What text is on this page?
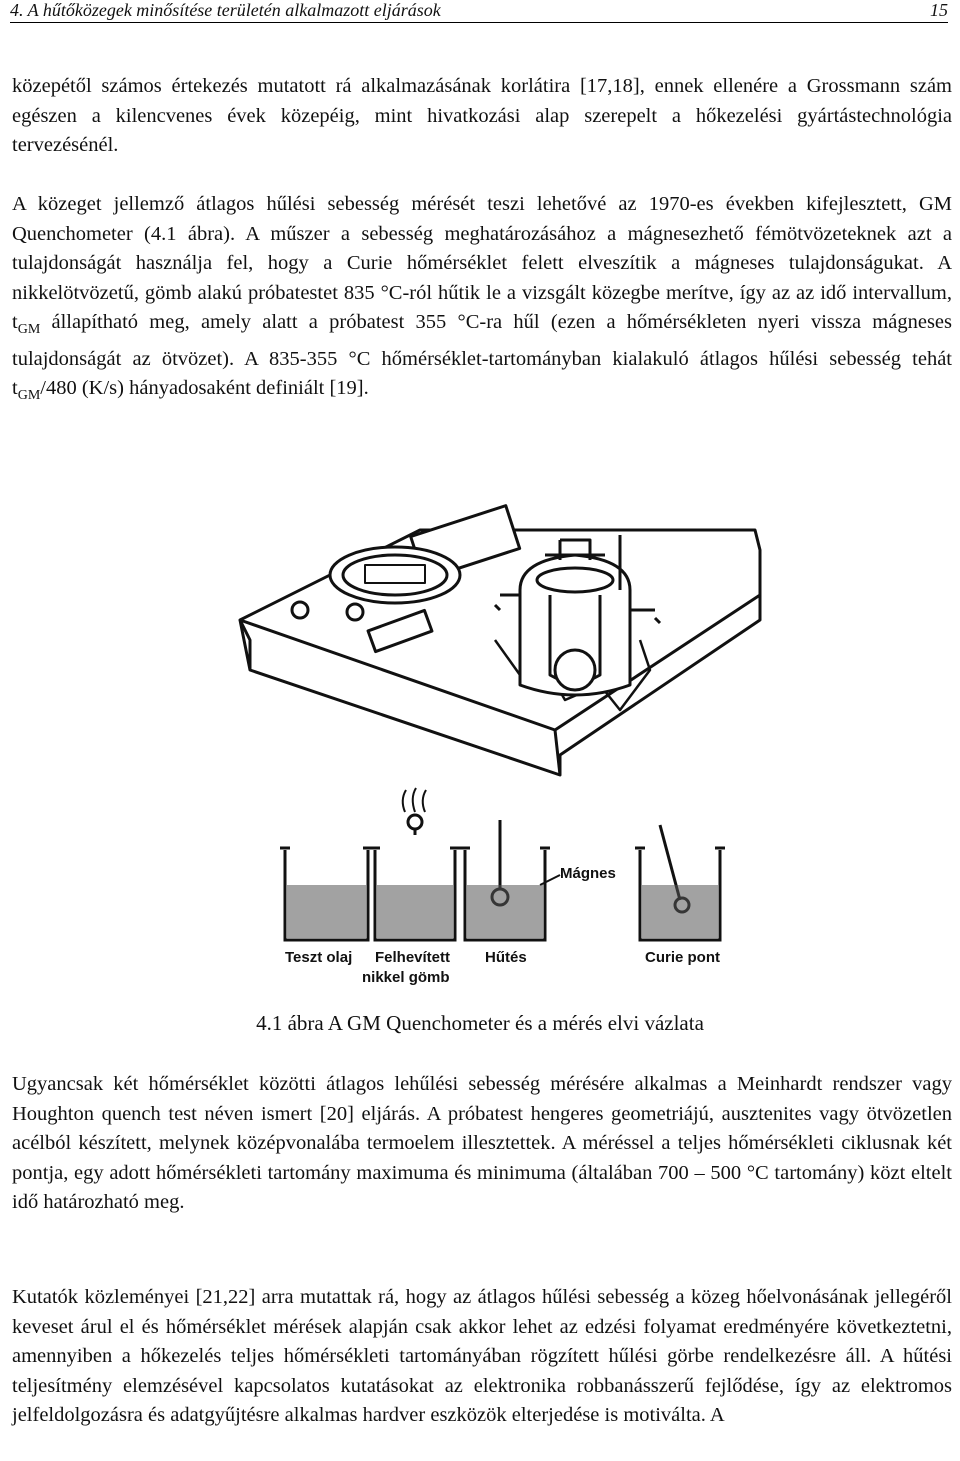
4. A hűtőközegek minősítése területén alkalmazott eljárások	15

közepétől számos értekezés mutatott rá alkalmazásának korlátira [17,18], ennek ellenére a Grossmann szám egészen a kilencvenes évek közepéig, mint hivatkozási alap szerepelt a hőkezelési gyártástechnológia tervezésénél.

A közeget jellemző átlagos hűlési sebesség mérését teszi lehetővé az 1970-es években kifejlesztett, GM Quenchometer (4.1 ábra). A műszer a sebesség meghatározásához a mágnesezhető fémötvözeteknek azt a tulajdonságát használja fel, hogy a Curie hőmérséklet felett elveszítik a mágneses tulajdonságukat. A nikkelötvözetű, gömb alakú próbatestet 835 °C-ról hűtik le a vizsgált közegbe merítve, így az az idő intervallum, $t_{GM}$ állapítható meg, amely alatt a próbatest 355 °C-ra hűl (ezen a hőmérsékleten nyeri vissza mágneses tulajdonságát az ötvözet). A 835-355 °C hőmérséklet-tartományban kialakuló átlagos hűlési sebesség tehát $t_{GM}/480$ (K/s) hányadosaként definiált [19].

Teszt olaj Felhevített
nikkel gömb
Hűtés	Curie pont
Mágnes
4.1 ábra A GM Quenchometer és a mérés elvi vázlata

Ugyancsak két hőmérséklet közötti átlagos lehűlési sebesség mérésére alkalmas a Meinhardt rendszer vagy Houghton quench test néven ismert [20] eljárás. A próbatest hengeres geometriájú, ausztenites vagy ötvözetlen acélból készített, melynek középvonalába termoelem illesztettek. A méréssel a teljes hőmérsékleti ciklusnak két pontja, egy adott hőmérsékleti tartomány maximuma és minimuma (általában 700 – 500 °C tartomány) közt eltelt idő határozható meg.

Kutatók közleményei [21,22] arra mutattak rá, hogy az átlagos hűlési sebesség a közeg hőelvonásának jellegéről keveset árul el és hőmérséklet mérések alapján csak akkor lehet az edzési folyamat eredményére következtetni, amennyiben a hőkezelés teljes hőmérsékleti tartományában rögzített hűlési görbe rendelkezésre áll. A hűtési teljesítmény elemzésével kapcsolatos kutatásokat az elektronika robbanásszerű fejlődése, így az elektromos jelfeldolgozásra és adatgyűjtésre alkalmas hardver eszközök elterjedése is motiválta. A
